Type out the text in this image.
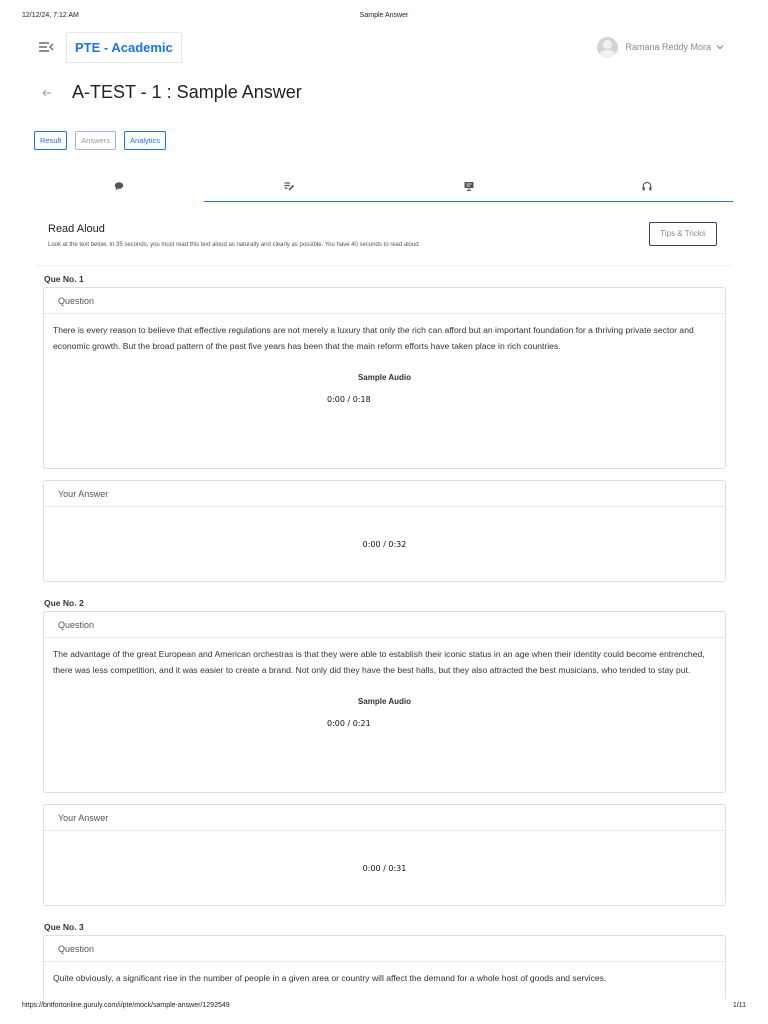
12/12/24, 7:12 AM	Sample Answer
PTE - Academic	Ramana Reddy Mora
A-TEST - 1 : Sample Answer
Result	Answers	Analytics
Read Aloud
Look at the text below. In 35 seconds, you must read this text aloud as naturally and clearly as possible. You have 40 seconds to read aloud.
Tips & Tricks
Que No. 1
Question
There is every reason to believe that effective regulations are not merely a luxury that only the rich can afford but an important foundation for a thriving private sector and economic growth. But the broad pattern of the past five years has been that the main reform efforts have taken place in rich countries.
Sample Audio
0:00 / 0:18
Your Answer
0:00 / 0:32
Que No. 2
Question
The advantage of the great European and American orchestras is that they were able to establish their iconic status in an age when their identity could become entrenched, there was less competition, and it was easier to create a brand. Not only did they have the best halls, but they also attracted the best musicians, who tended to stay put.
Sample Audio
0:00 / 0:21
Your Answer
0:00 / 0:31
Que No. 3
Question
Quite obviously, a significant rise in the number of people in a given area or country will affect the demand for a whole host of goods and services.
https://britfortonline.guruly.com/i/pte/mock/sample-answer/1292549	1/11
